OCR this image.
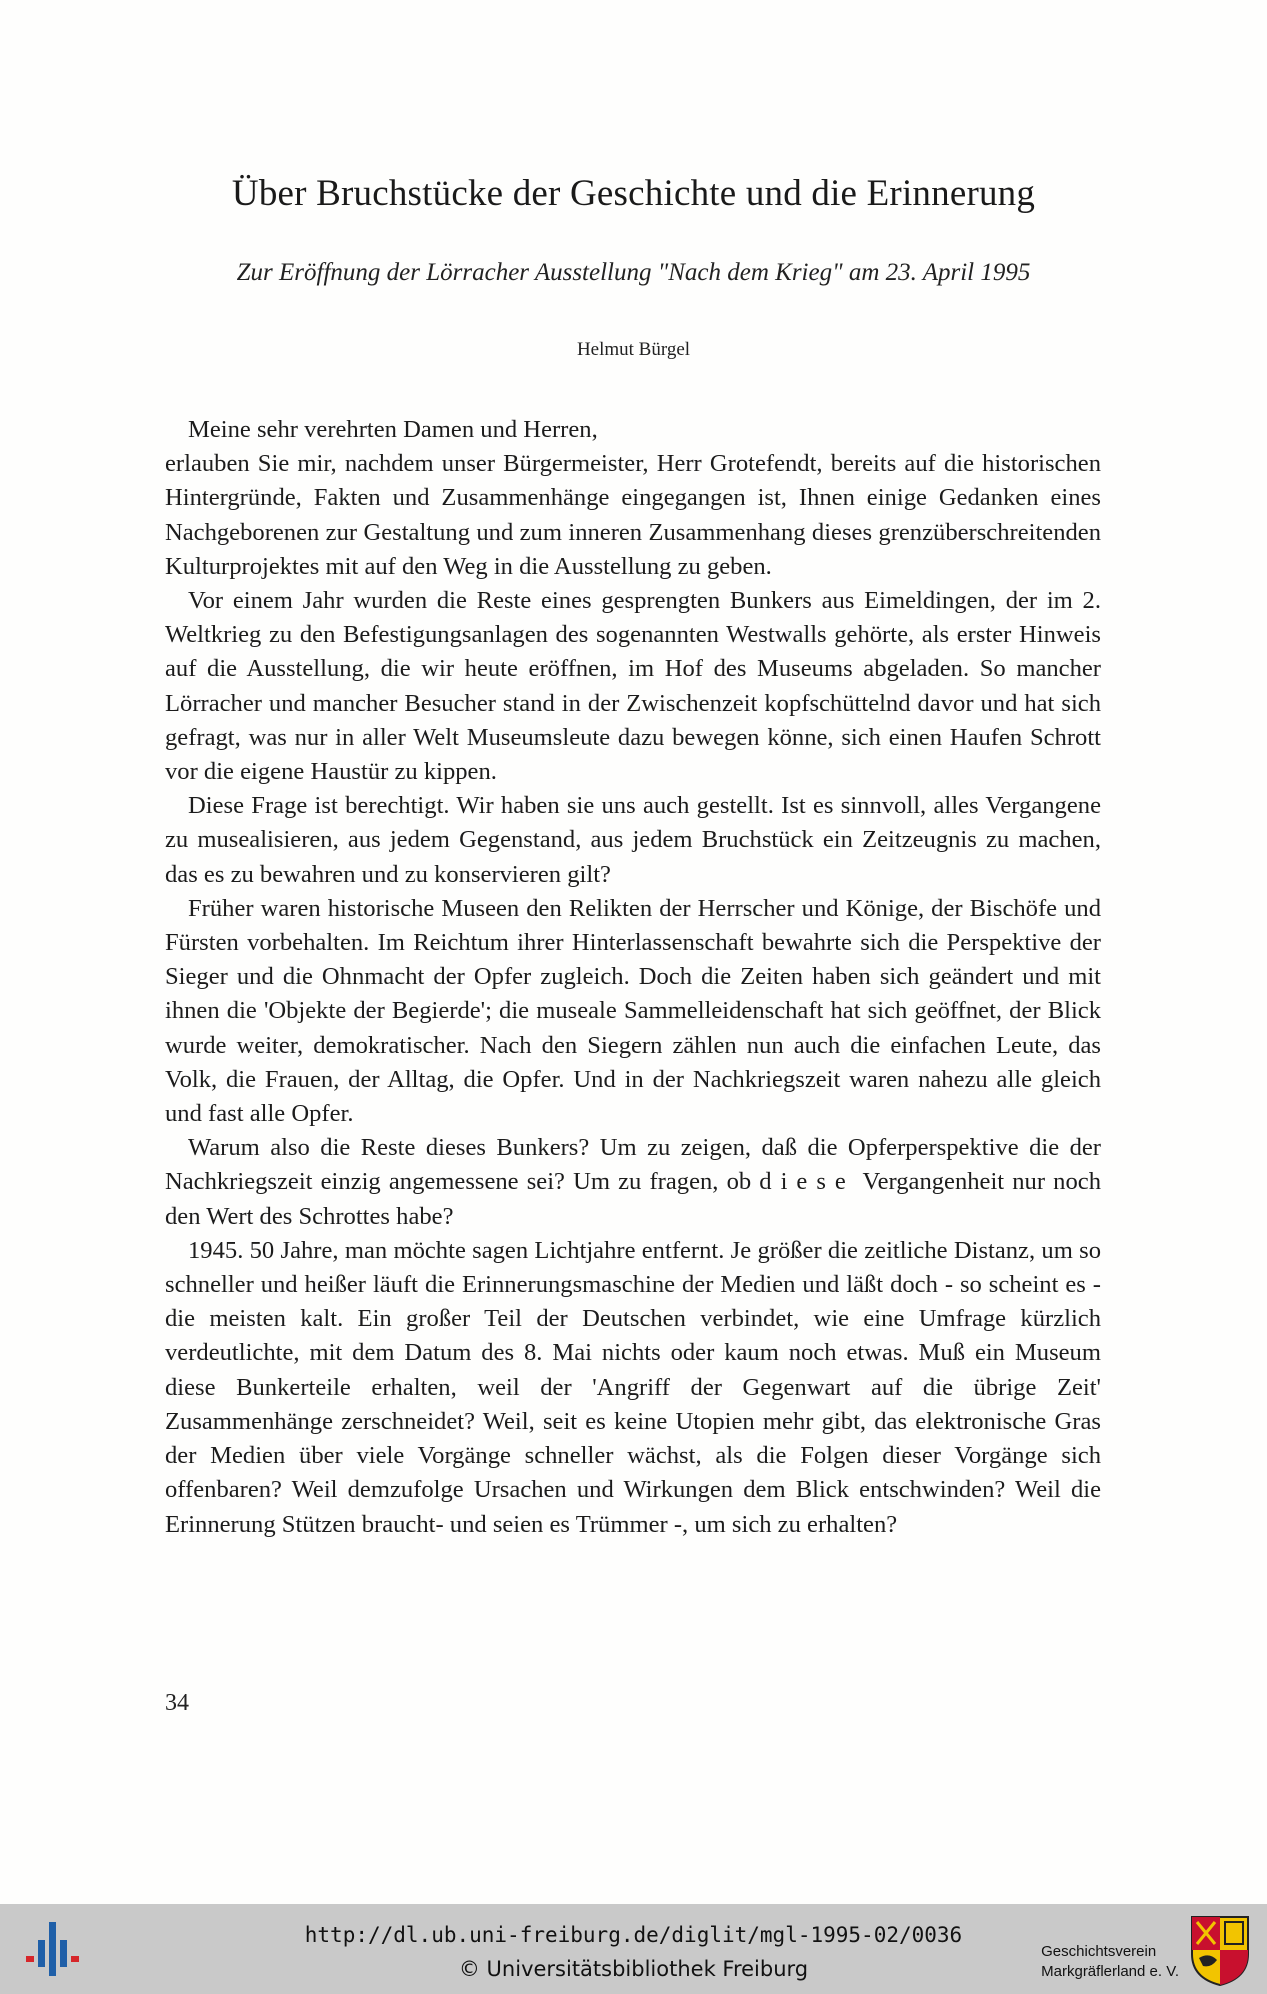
Über Bruchstücke der Geschichte und die Erinnerung
Zur Eröffnung der Lörracher Ausstellung "Nach dem Krieg" am 23. April 1995
Helmut Bürgel

Meine sehr verehrten Damen und Herren,

erlauben Sie mir, nachdem unser Bürgermeister, Herr Grotefendt, bereits auf die historischen Hintergründe, Fakten und Zusammenhänge eingegangen ist, Ihnen einige Gedanken eines Nachgeborenen zur Gestaltung und zum inneren Zusammenhang dieses grenzüberschreitenden Kulturprojektes mit auf den Weg in die Ausstellung zu geben.

Vor einem Jahr wurden die Reste eines gesprengten Bunkers aus Eimeldingen, der im 2. Weltkrieg zu den Befestigungsanlagen des sogenannten Westwalls gehörte, als erster Hinweis auf die Ausstellung, die wir heute eröffnen, im Hof des Museums abgeladen. So mancher Lörracher und mancher Besucher stand in der Zwischenzeit kopfschüttelnd davor und hat sich gefragt, was nur in aller Welt Museumsleute dazu bewegen könne, sich einen Haufen Schrott vor die eigene Haustür zu kippen.

Diese Frage ist berechtigt. Wir haben sie uns auch gestellt. Ist es sinnvoll, alles Vergangene zu musealisieren, aus jedem Gegenstand, aus jedem Bruchstück ein Zeitzeugnis zu machen, das es zu bewahren und zu konservieren gilt?

Früher waren historische Museen den Relikten der Herrscher und Könige, der Bischöfe und Fürsten vorbehalten. Im Reichtum ihrer Hinterlassenschaft bewahrte sich die Perspektive der Sieger und die Ohnmacht der Opfer zugleich. Doch die Zeiten haben sich geändert und mit ihnen die 'Objekte der Begierde'; die museale Sammelleidenschaft hat sich geöffnet, der Blick wurde weiter, demokratischer. Nach den Siegern zählen nun auch die einfachen Leute, das Volk, die Frauen, der Alltag, die Opfer. Und in der Nachkriegszeit waren nahezu alle gleich und fast alle Opfer.

Warum also die Reste dieses Bunkers? Um zu zeigen, daß die Opferperspektive die der Nachkriegszeit einzig angemessene sei? Um zu fragen, ob diese Vergangenheit nur noch den Wert des Schrottes habe?

1945. 50 Jahre, man möchte sagen Lichtjahre entfernt. Je größer die zeitliche Distanz, um so schneller und heißer läuft die Erinnerungsmaschine der Medien und läßt doch - so scheint es - die meisten kalt. Ein großer Teil der Deutschen verbindet, wie eine Umfrage kürzlich verdeutlichte, mit dem Datum des 8. Mai nichts oder kaum noch etwas. Muß ein Museum diese Bunkerteile erhalten, weil der 'Angriff der Gegenwart auf die übrige Zeit' Zusammenhänge zerschneidet? Weil, seit es keine Utopien mehr gibt, das elektronische Gras der Medien über viele Vorgänge schneller wächst, als die Folgen dieser Vorgänge sich offenbaren? Weil demzufolge Ursachen und Wirkungen dem Blick entschwinden? Weil die Erinnerung Stützen braucht- und seien es Trümmer -, um sich zu erhalten?

34
http://dl.ub.uni-freiburg.de/diglit/mgl-1995-02/0036
© Universitätsbibliothek Freiburg
Geschichtsverein
Markgräflerland e. V.
